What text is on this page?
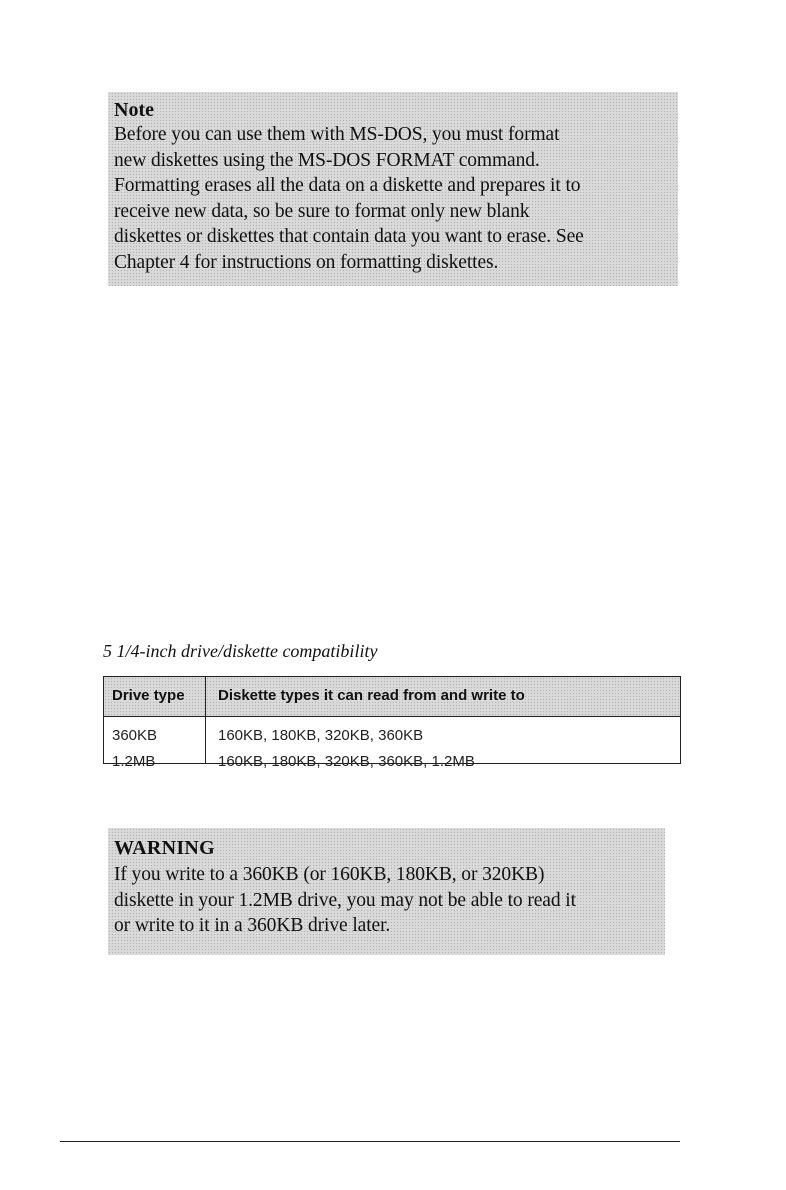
Note

Before you can use them with MS-DOS, you must format
new diskettes using the MS-DOS FORMAT command.
Formatting erases all the data on a diskette and prepares it to
receive new data, so be sure to format only new blank
diskettes or diskettes that contain data you want to erase. See
Chapter 4 for instructions on formatting diskettes.

5 1/4-inch drive/diskette compatibility

Drive type Diskette types it can read from and write to
360KB	160KB, 180KB, 320KB, 360KB
1.2MB	160KB, 180KB, 320KB, 360KB, 1.2MB

WARNING

If you write to a 360KB (or 160KB, 180KB, or 320KB)
diskette in your 1.2MB drive, you may not be able to read it
or write to it in a 360KB drive later.
